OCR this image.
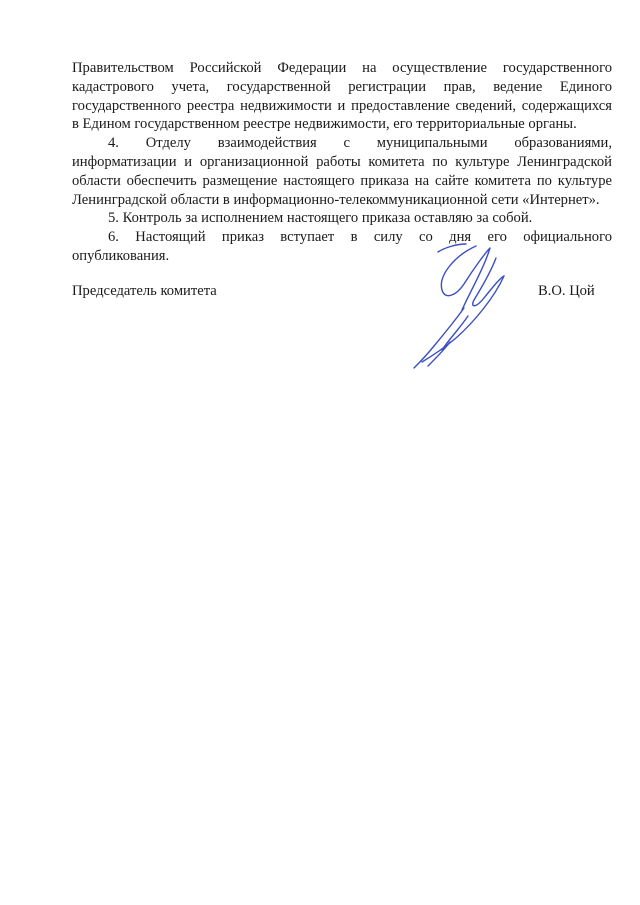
Правительством Российской Федерации на осуществление государственного
кадастрового учета, государственной регистрации прав, ведение Единого
государственного реестра недвижимости и предоставление сведений, содержащихся
в Едином государственном реестре недвижимости, его территориальные органы.

4. Отделу взаимодействия с муниципальными образованиями,
информатизации и организационной работы комитета по культуре Ленинградской
области обеспечить размещение настоящего приказа на сайте комитета по культуре
Ленинградской области в информационно-телекоммуникационной сети «Интернет».

5. Контроль за исполнением настоящего приказа оставляю за собой.

6. Настоящий приказ вступает в силу со дня его официального
опубликования.

Председатель комитета	В.О. Цой
